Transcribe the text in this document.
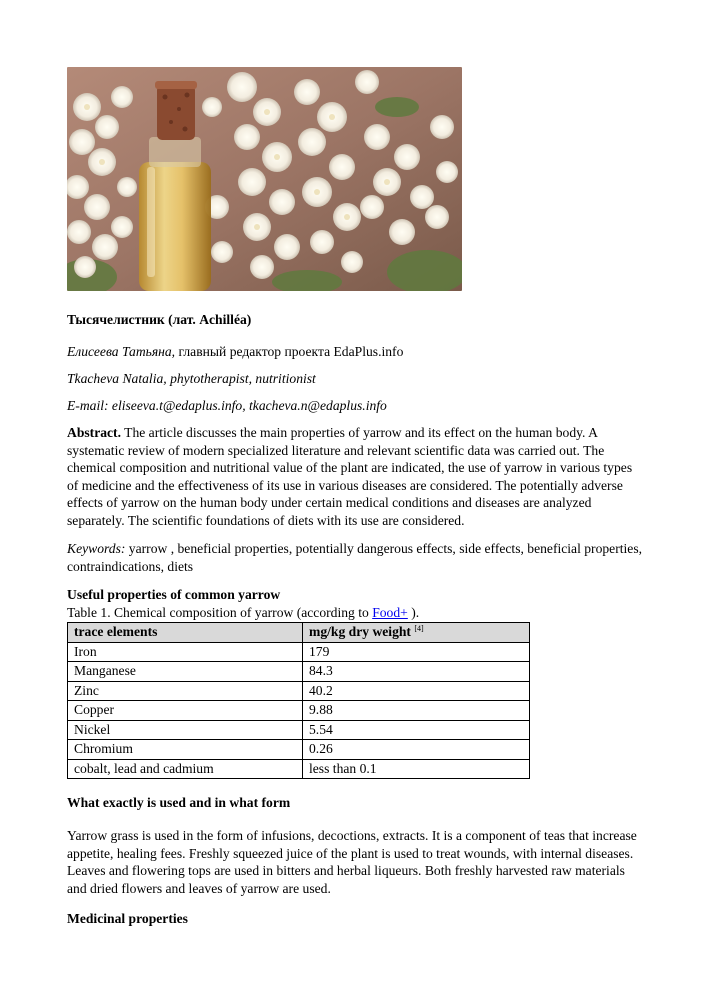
Тысячелистник (лат. Achilléa)
Елисеева Татьяна, главный редактор проекта EdaPlus.info
Tkacheva Natalia, phytotherapist, nutritionist
E-mail: eliseeva.t@edaplus.info, tkacheva.n@edaplus.info
Abstract. The article discusses the main properties of yarrow and its effect on the human body. A systematic review of modern specialized literature and relevant scientific data was carried out. The chemical composition and nutritional value of the plant are indicated, the use of yarrow in various types of medicine and the effectiveness of its use in various diseases are considered. The potentially adverse effects of yarrow on the human body under certain medical conditions and diseases are analyzed separately. The scientific foundations of diets with its use are considered.
Keywords: yarrow , beneficial properties, potentially dangerous effects, side effects, beneficial properties, contraindications, diets
Useful properties of common yarrow
Table 1. Chemical composition of yarrow (according to Food+ ).
trace elements	mg/kg dry weight [4]
Iron	179
Manganese	84.3
Zinc	40.2
Copper	9.88
Nickel	5.54
Chromium	0.26
cobalt, lead and cadmium	less than 0.1
What exactly is used and in what form
Yarrow grass is used in the form of infusions, decoctions, extracts. It is a component of teas that increase appetite, healing fees. Freshly squeezed juice of the plant is used to treat wounds, with internal diseases. Leaves and flowering tops are used in bitters and herbal liqueurs. Both freshly harvested raw materials and dried flowers and leaves of yarrow are used.
Medicinal properties
